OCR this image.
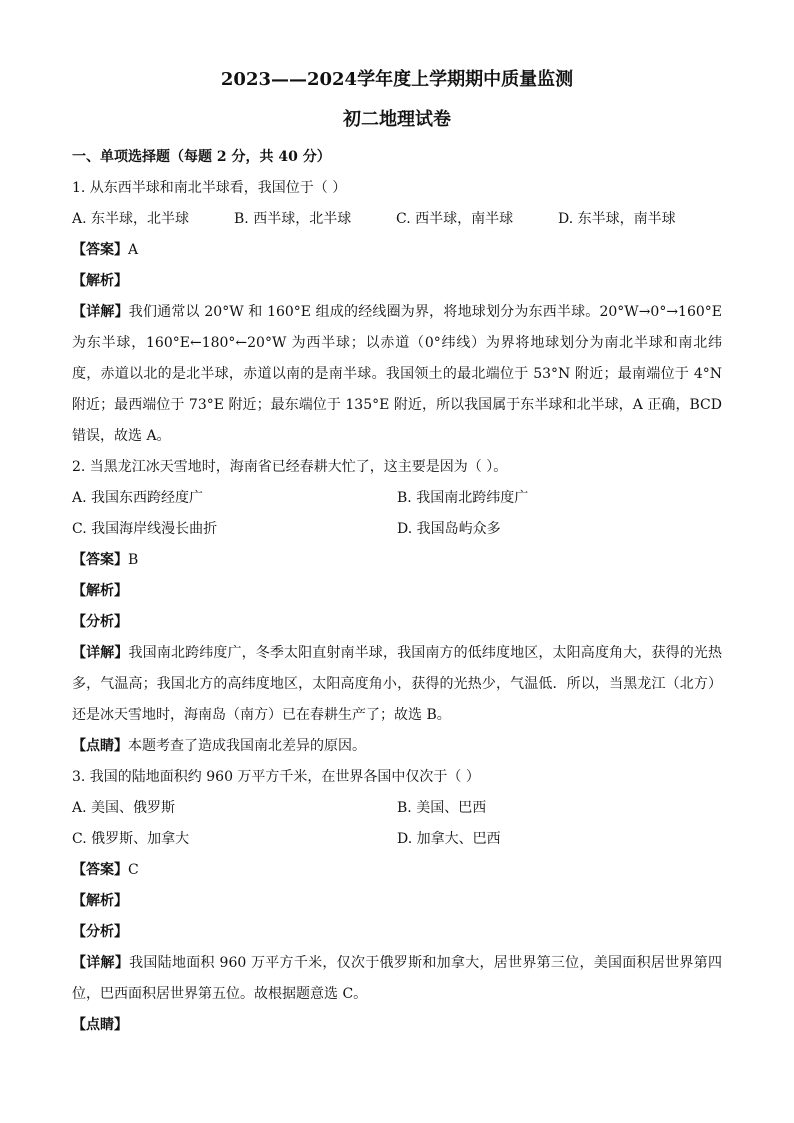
2023——2024学年度上学期期中质量监测
初二地理试卷
一、单项选择题（每题 2 分，共 40 分）
1. 从东西半球和南北半球看，我国位于（ ）
A. 东半球，北半球	B. 西半球，北半球	C. 西半球，南半球	D. 东半球，南半球
【答案】A
【解析】
【详解】我们通常以 20°W 和 160°E 组成的经线圈为界，将地球划分为东西半球。20°W→0°→160°E 为东半球，160°E←180°←20°W 为西半球；以赤道（0°纬线）为界将地球划分为南北半球和南北纬度，赤道以北的是北半球，赤道以南的是南半球。我国领土的最北端位于 53°N 附近；最南端位于 4°N 附近；最西端位于 73°E 附近；最东端位于 135°E 附近，所以我国属于东半球和北半球，A 正确，BCD 错误，故选 A。
2. 当黑龙江冰天雪地时，海南省已经春耕大忙了，这主要是因为（ ）。
A. 我国东西跨经度广	B. 我国南北跨纬度广
C. 我国海岸线漫长曲折	D. 我国岛屿众多
【答案】B
【解析】
【分析】
【详解】我国南北跨纬度广，冬季太阳直射南半球，我国南方的低纬度地区，太阳高度角大，获得的光热多，气温高；我国北方的高纬度地区，太阳高度角小，获得的光热少，气温低．所以，当黑龙江（北方）还是冰天雪地时，海南岛（南方）已在春耕生产了；故选 B。
【点睛】本题考查了造成我国南北差异的原因。
3. 我国的陆地面积约 960 万平方千米，在世界各国中仅次于（ ）
A. 美国、俄罗斯	B. 美国、巴西
C. 俄罗斯、加拿大	D. 加拿大、巴西
【答案】C
【解析】
【分析】
【详解】我国陆地面积 960 万平方千米，仅次于俄罗斯和加拿大，居世界第三位，美国面积居世界第四位，巴西面积居世界第五位。故根据题意选 C。
【点睛】
